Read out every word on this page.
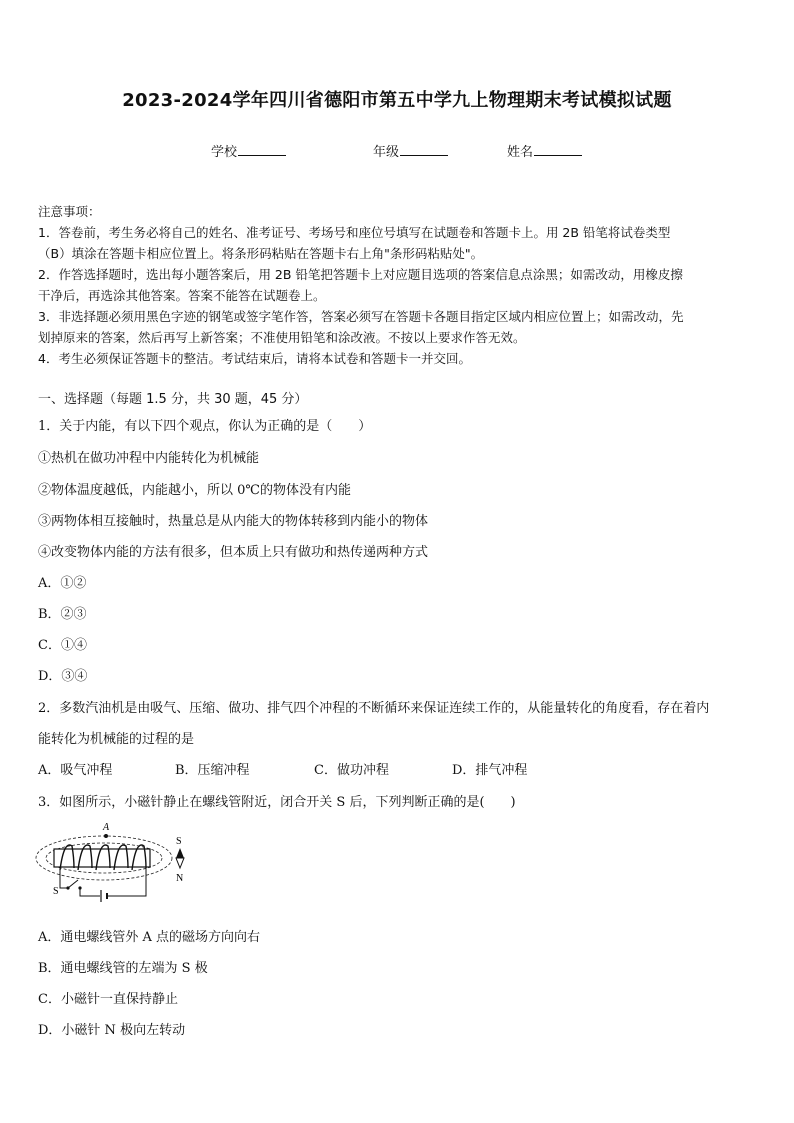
2023-2024学年四川省德阳市第五中学九上物理期末考试模拟试题
学校	年级	姓名
注意事项：
1．答卷前，考生务必将自己的姓名、准考证号、考场号和座位号填写在试题卷和答题卡上。用 2B 铅笔将试卷类型
（B）填涂在答题卡相应位置上。将条形码粘贴在答题卡右上角"条形码粘贴处"。
2．作答选择题时，选出每小题答案后，用 2B 铅笔把答题卡上对应题目选项的答案信息点涂黑；如需改动，用橡皮擦
干净后，再选涂其他答案。答案不能答在试题卷上。
3．非选择题必须用黑色字迹的钢笔或签字笔作答，答案必须写在答题卡各题目指定区域内相应位置上；如需改动，先
划掉原来的答案，然后再写上新答案；不准使用铅笔和涂改液。不按以上要求作答无效。
4．考生必须保证答题卡的整洁。考试结束后，请将本试卷和答题卡一并交回。
一、选择题（每题 1.5 分，共 30 题，45 分）
1．关于内能，有以下四个观点，你认为正确的是（　　）
①热机在做功冲程中内能转化为机械能
②物体温度越低，内能越小，所以 0℃的物体没有内能
③两物体相互接触时，热量总是从内能大的物体转移到内能小的物体
④改变物体内能的方法有很多，但本质上只有做功和热传递两种方式
A．①②
B．②③
C．①④
D．③④
2．多数汽油机是由吸气、压缩、做功、排气四个冲程的不断循环来保证连续工作的，从能量转化的角度看，存在着内
能转化为机械能的过程的是
A．吸气冲程	B．压缩冲程	C．做功冲程	D．排气冲程
3．如图所示，小磁针静止在螺线管附近，闭合开关 S 后，下列判断正确的是(　　)
A
S
S
N
A．通电螺线管外 A 点的磁场方向向右
B．通电螺线管的左端为 S 极
C．小磁针一直保持静止
D．小磁针 N 极向左转动
